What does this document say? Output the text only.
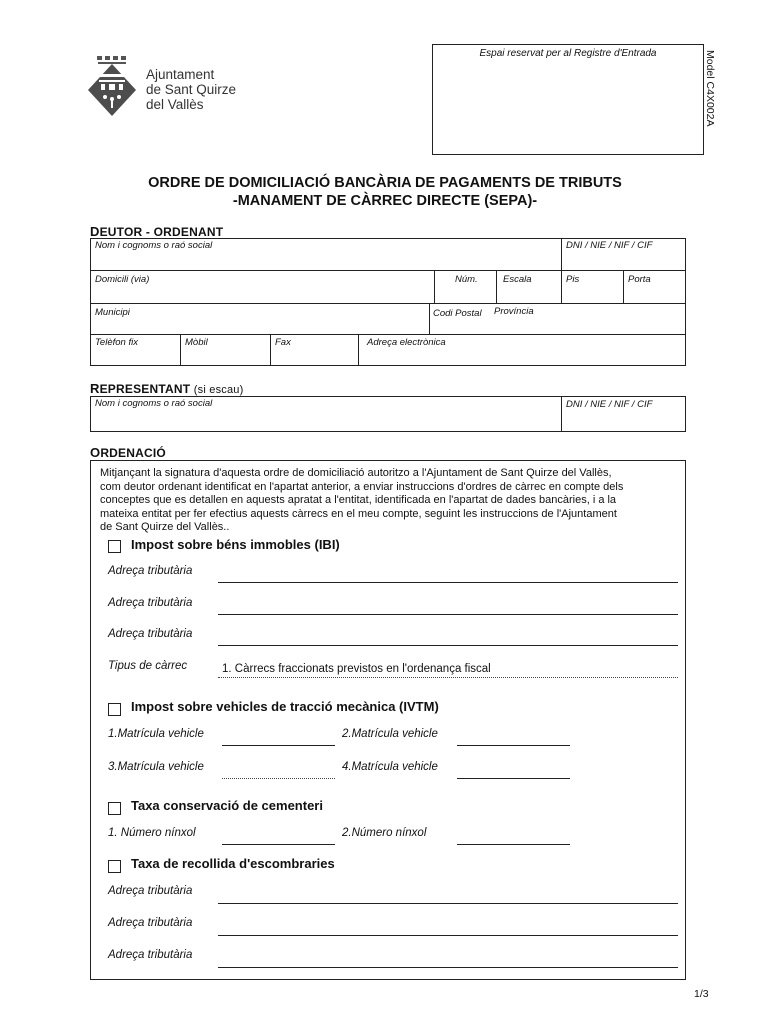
Ajuntament
de Sant Quirze
del Vallès
Espai reservat per al Registre d'Entrada	Model C4X002A
ORDRE DE DOMICILIACIÓ BANCÀRIA DE PAGAMENTS DE TRIBUTS
-MANAMENT DE CÀRREC DIRECTE (SEPA)-
DEUTOR - ORDENANT
Nom i cognoms o raó social	DNI / NIE / NIF / CIF
Domicili (via)	Núm.	Escala	Pis	Porta
Municipi	Codi Postal Província
Telèfon fix	Mòbil	Fax	Adreça electrònica
REPRESENTANT (si escau)
Nom i cognoms o raó social	DNI / NIE / NIF / CIF
ORDENACIÓ
Mitjançant la signatura d'aquesta ordre de domiciliació autoritzo a l'Ajuntament de Sant Quirze del Vallès,
com deutor ordenant identificat en l'apartat anterior, a enviar instruccions d'ordres de càrrec en compte dels
conceptes que es detallen en aquests apratat a l'entitat, identificada en l'apartat de dades bancàries, i a la
mateixa entitat per fer efectius aquests càrrecs en el meu compte, seguint les instruccions de l'Ajuntament
de Sant Quirze del Vallès..
Impost sobre béns immobles (IBI)
Adreça tributària
Adreça tributària
Adreça tributària
Tipus de càrrec	1. Càrrecs fraccionats previstos en l'ordenança fiscal
Impost sobre vehicles de tracció mecànica (IVTM)
1.Matrícula vehicle	2.Matrícula vehicle
3.Matrícula vehicle	4.Matrícula vehicle
Taxa conservació de cementeri
1. Número nínxol	2.Número nínxol
Taxa de recollida d'escombraries
Adreça tributària
Adreça tributària
Adreça tributària
1/3
